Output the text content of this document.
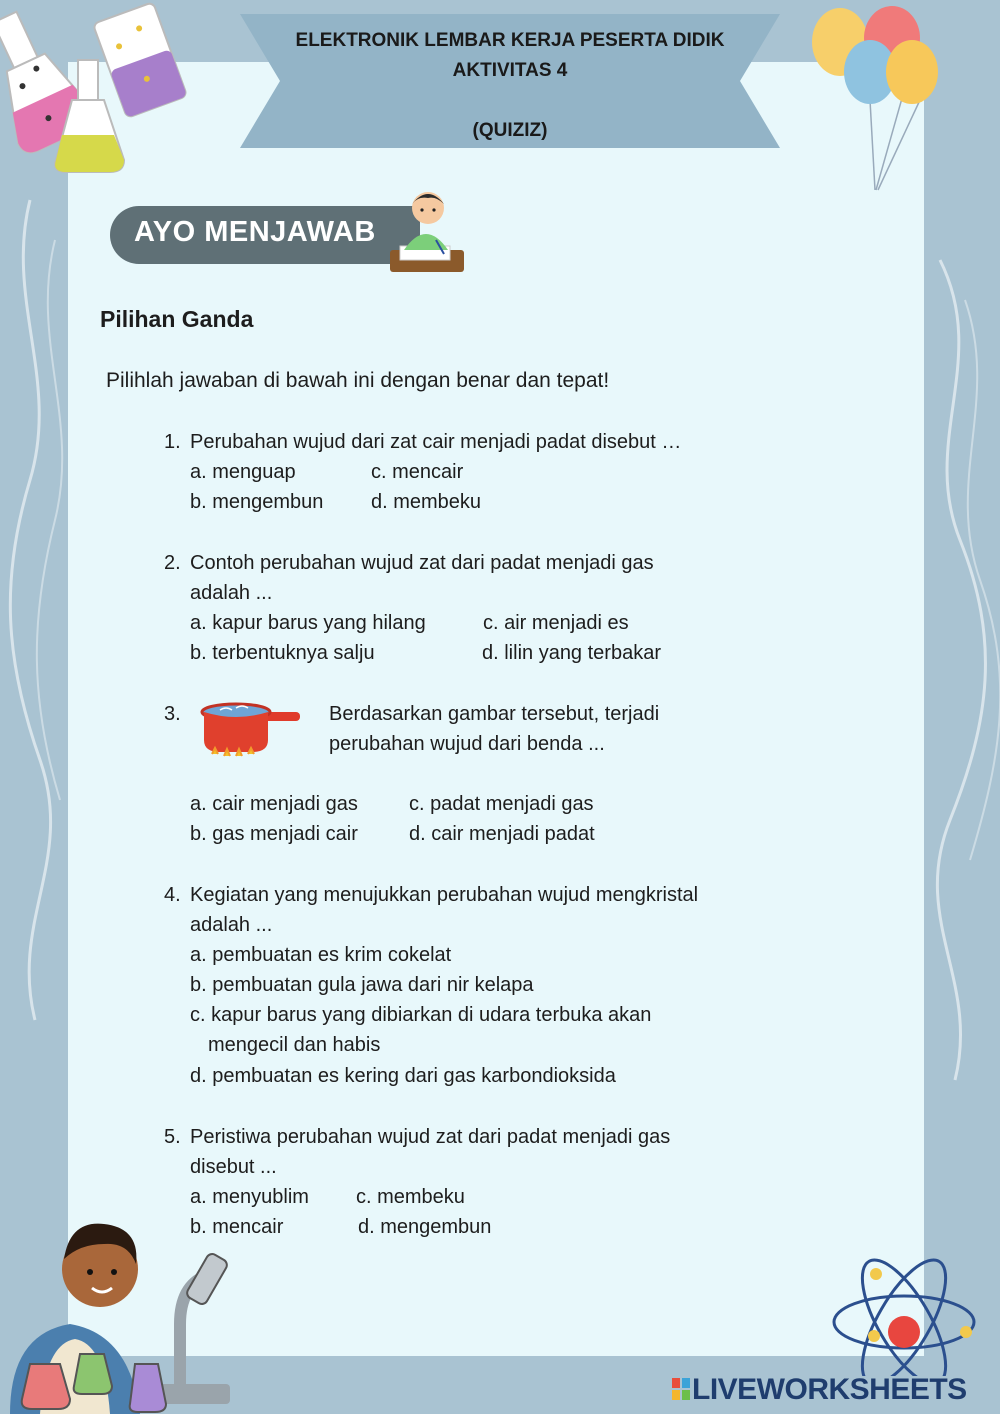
ELEKTRONIK LEMBAR KERJA PESERTA DIDIK
AKTIVITAS 4
(QUIZIZ)
AYO MENJAWAB
Pilihan Ganda
Pilihlah jawaban di bawah ini dengan benar dan tepat!
1. Perubahan wujud dari zat cair menjadi padat disebut …
a. menguap
b. mengembun
c. mencair
d. membeku
2. Contoh perubahan wujud zat dari padat menjadi gas
adalah ...
a. kapur barus yang hilang
b. terbentuknya salju
c. air menjadi es
d. lilin yang terbakar
3.	Berdasarkan gambar tersebut, terjadi
perubahan wujud dari benda ...
a. cair menjadi gas
b. gas menjadi cair
c. padat menjadi gas
d. cair menjadi padat
4. Kegiatan yang menujukkan perubahan wujud mengkristal
adalah ...
a. pembuatan es krim cokelat
b. pembuatan gula jawa dari nir kelapa
c. kapur barus yang dibiarkan di udara terbuka akan
mengecil dan habis
d. pembuatan es kering dari gas karbondioksida
5. Peristiwa perubahan wujud zat dari padat menjadi gas
disebut ...
a. menyublim
b. mencair
c. membeku
d. mengembun
LIVEWORKSHEETS
